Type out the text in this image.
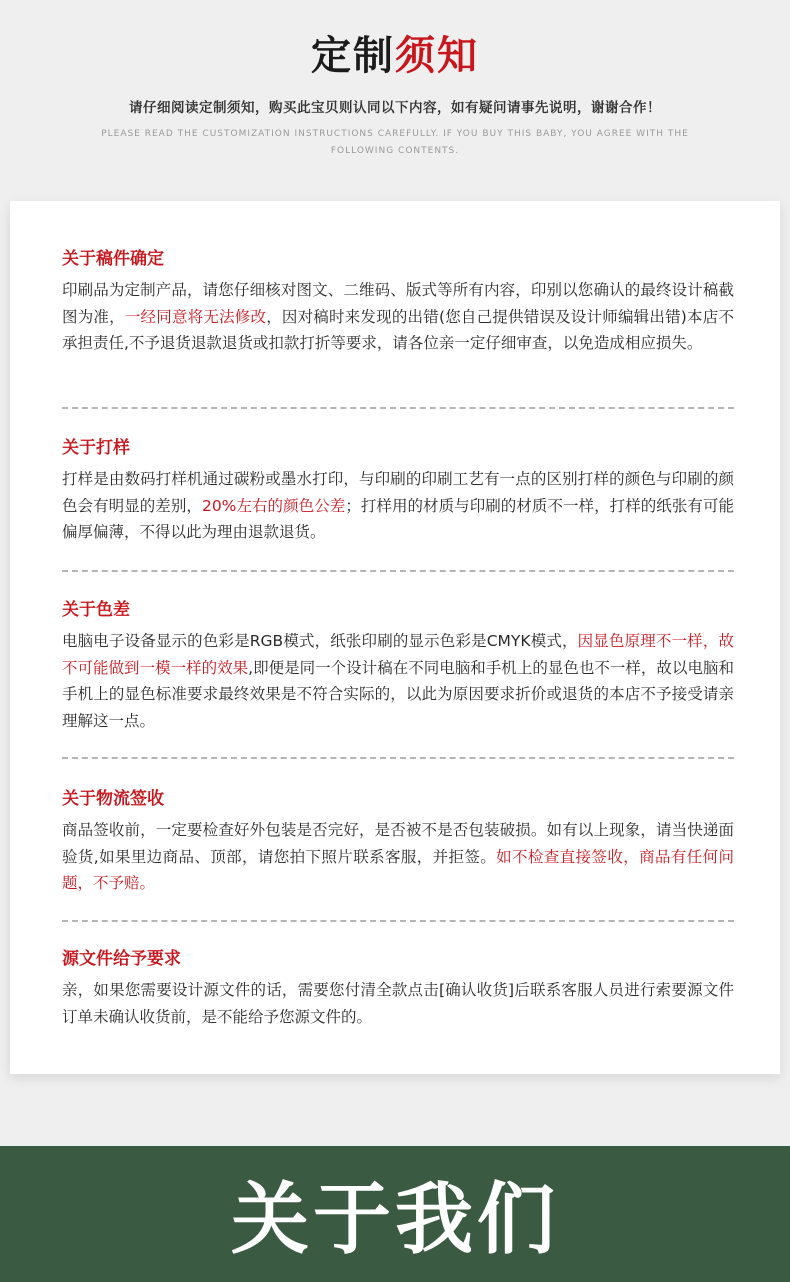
定制须知
请仔细阅读定制须知，购买此宝贝则认同以下内容，如有疑问请事先说明，谢谢合作！
PLEASE READ THE CUSTOMIZATION INSTRUCTIONS CAREFULLY. IF YOU BUY THIS BABY, YOU AGREE WITH THE FOLLOWING CONTENTS.
关于稿件确定
印刷品为定制产品，请您仔细核对图文、二维码、版式等所有内容，印别以您确认的最终设计稿截图为准，一经同意将无法修改，因对稿时来发现的出错(您自己提供错误及设计师编辑出错)本店不承担责任,不予退货退款退货或扣款打折等要求，请各位亲一定仔细审查，以免造成相应损失。
关于打样
打样是由数码打样机通过碳粉或墨水打印，与印刷的印刷工艺有一点的区别打样的颜色与印刷的颜色会有明显的差别，20%左右的颜色公差；打样用的材质与印刷的材质不一样，打样的纸张有可能偏厚偏薄，不得以此为理由退款退货。
关于色差
电脑电子设备显示的色彩是RGB模式，纸张印刷的显示色彩是CMYK模式，因显色原理不一样，故不可能做到一模一样的效果,即便是同一个设计稿在不同电脑和手机上的显色也不一样，故以电脑和手机上的显色标准要求最终效果是不符合实际的，以此为原因要求折价或退货的本店不予接受请亲理解这一点。
关于物流签收
商品签收前，一定要检查好外包装是否完好，是否被不是否包装破损。如有以上现象，请当快递面验货,如果里边商品、顶部，请您拍下照片联系客服，并拒签。如不检查直接签收，商品有任何问题，不予赔。
源文件给予要求
亲，如果您需要设计源文件的话，需要您付清全款点击[确认收货]后联系客服人员进行索要源文件订单未确认收货前，是不能给予您源文件的。
关于我们
